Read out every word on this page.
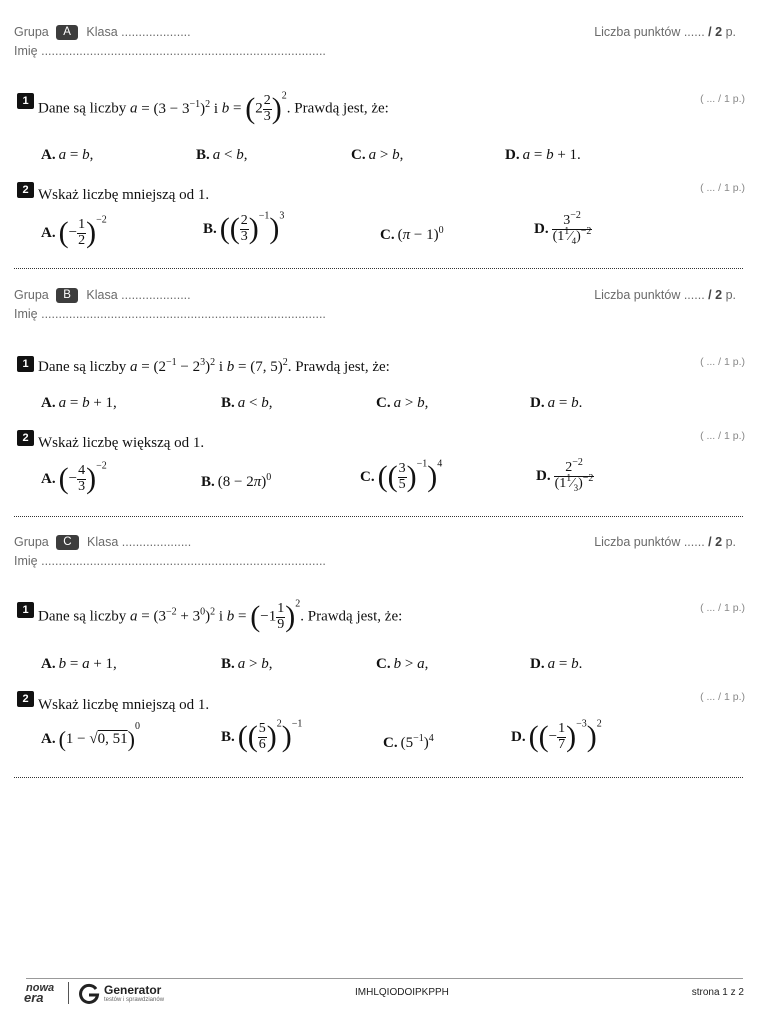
Grupa A Klasa ....................	Liczba punktów ...... / 2 p.
Imię ..................................................................................
1	( ... / 1 p.)
Dane są liczby $a = (3 - 3^{-1})^2$ i $b = (2 \frac{2}{3} )^2$. Prawdą jest, że:
A. a = b,	B. a < b,	C. a > b,	D. a = b + 1.
2	( ... / 1 p.)
Wskaż liczbę mniejszą od 1.
A. (− $\frac{1}{2} )^{-2}$
B. (( $\frac{2}{3} )^{-1})^3$
C. $(\pi - 1)^0$	D. $\frac{3^{-2}}{(1^1⁄_4)^{-2}}$
Grupa B Klasa ....................	Liczba punktów ...... / 2 p.
Imię ..................................................................................
1	( ... / 1 p.)
Dane są liczby $a = (2^{-1} - 2^3)^2$ i b = (7, 5)$^2$. Prawdą jest, że:
A. a = b + 1,	B. a < b,	C. a > b,	D. a = b.
2	( ... / 1 p.)
Wskaż liczbę większą od 1.
A. (− $\frac{4}{3} )^{-2}$
B. $(8 - 2\pi)^0$	C. (( $\frac{3}{5} )^{-1})^4$
D. $\frac{2^{-2}}{(1^1⁄_3)^{-2}}$
Grupa C Klasa ....................	Liczba punktów ...... / 2 p.
Imię ..................................................................................
1	( ... / 1 p.)
Dane są liczby $a = (3^{-2} + 3^0)^2$ i $b = (-1 \frac{1}{9} )^2$. Prawdą jest, że:
A. b = a + 1,	B. a > b,	C. b > a,	D. a = b.
2	( ... / 1 p.)
Wskaż liczbę mniejszą od 1.
A. (1 − √0, 51)$^0$
B. (( $\frac{5}{6} )^2)^{-1}$
C. $(5^{-1})^4$	D. ((− $\frac{1}{7} )^{-3})^2$
nowa
era	Generator
testów i sprawdzianów
IMHLQIODOIPKPPH	strona 1 z 2
